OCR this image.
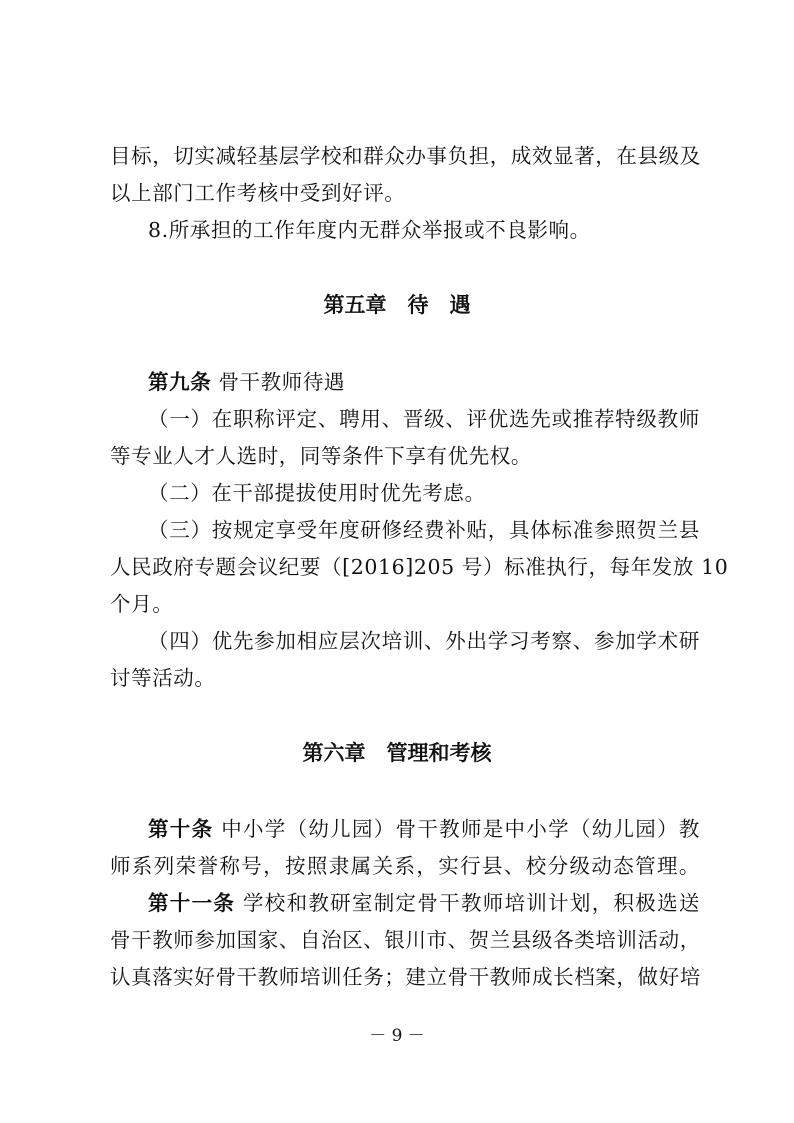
目标，切实减轻基层学校和群众办事负担，成效显著，在县级及
以上部门工作考核中受到好评。
8.所承担的工作年度内无群众举报或不良影响。
第五章　待　遇
第九条 骨干教师待遇
（一）在职称评定、聘用、晋级、评优选先或推荐特级教师
等专业人才人选时，同等条件下享有优先权。
（二）在干部提拔使用时优先考虑。
（三）按规定享受年度研修经费补贴，具体标准参照贺兰县
人民政府专题会议纪要（[2016]205 号）标准执行，每年发放 10
个月。
（四）优先参加相应层次培训、外出学习考察、参加学术研
讨等活动。
第六章　管理和考核
第十条 中小学（幼儿园）骨干教师是中小学（幼儿园）教
师系列荣誉称号，按照隶属关系，实行县、校分级动态管理。
第十一条 学校和教研室制定骨干教师培训计划，积极选送
骨干教师参加国家、自治区、银川市、贺兰县级各类培训活动，
认真落实好骨干教师培训任务；建立骨干教师成长档案，做好培
－ 9 －
